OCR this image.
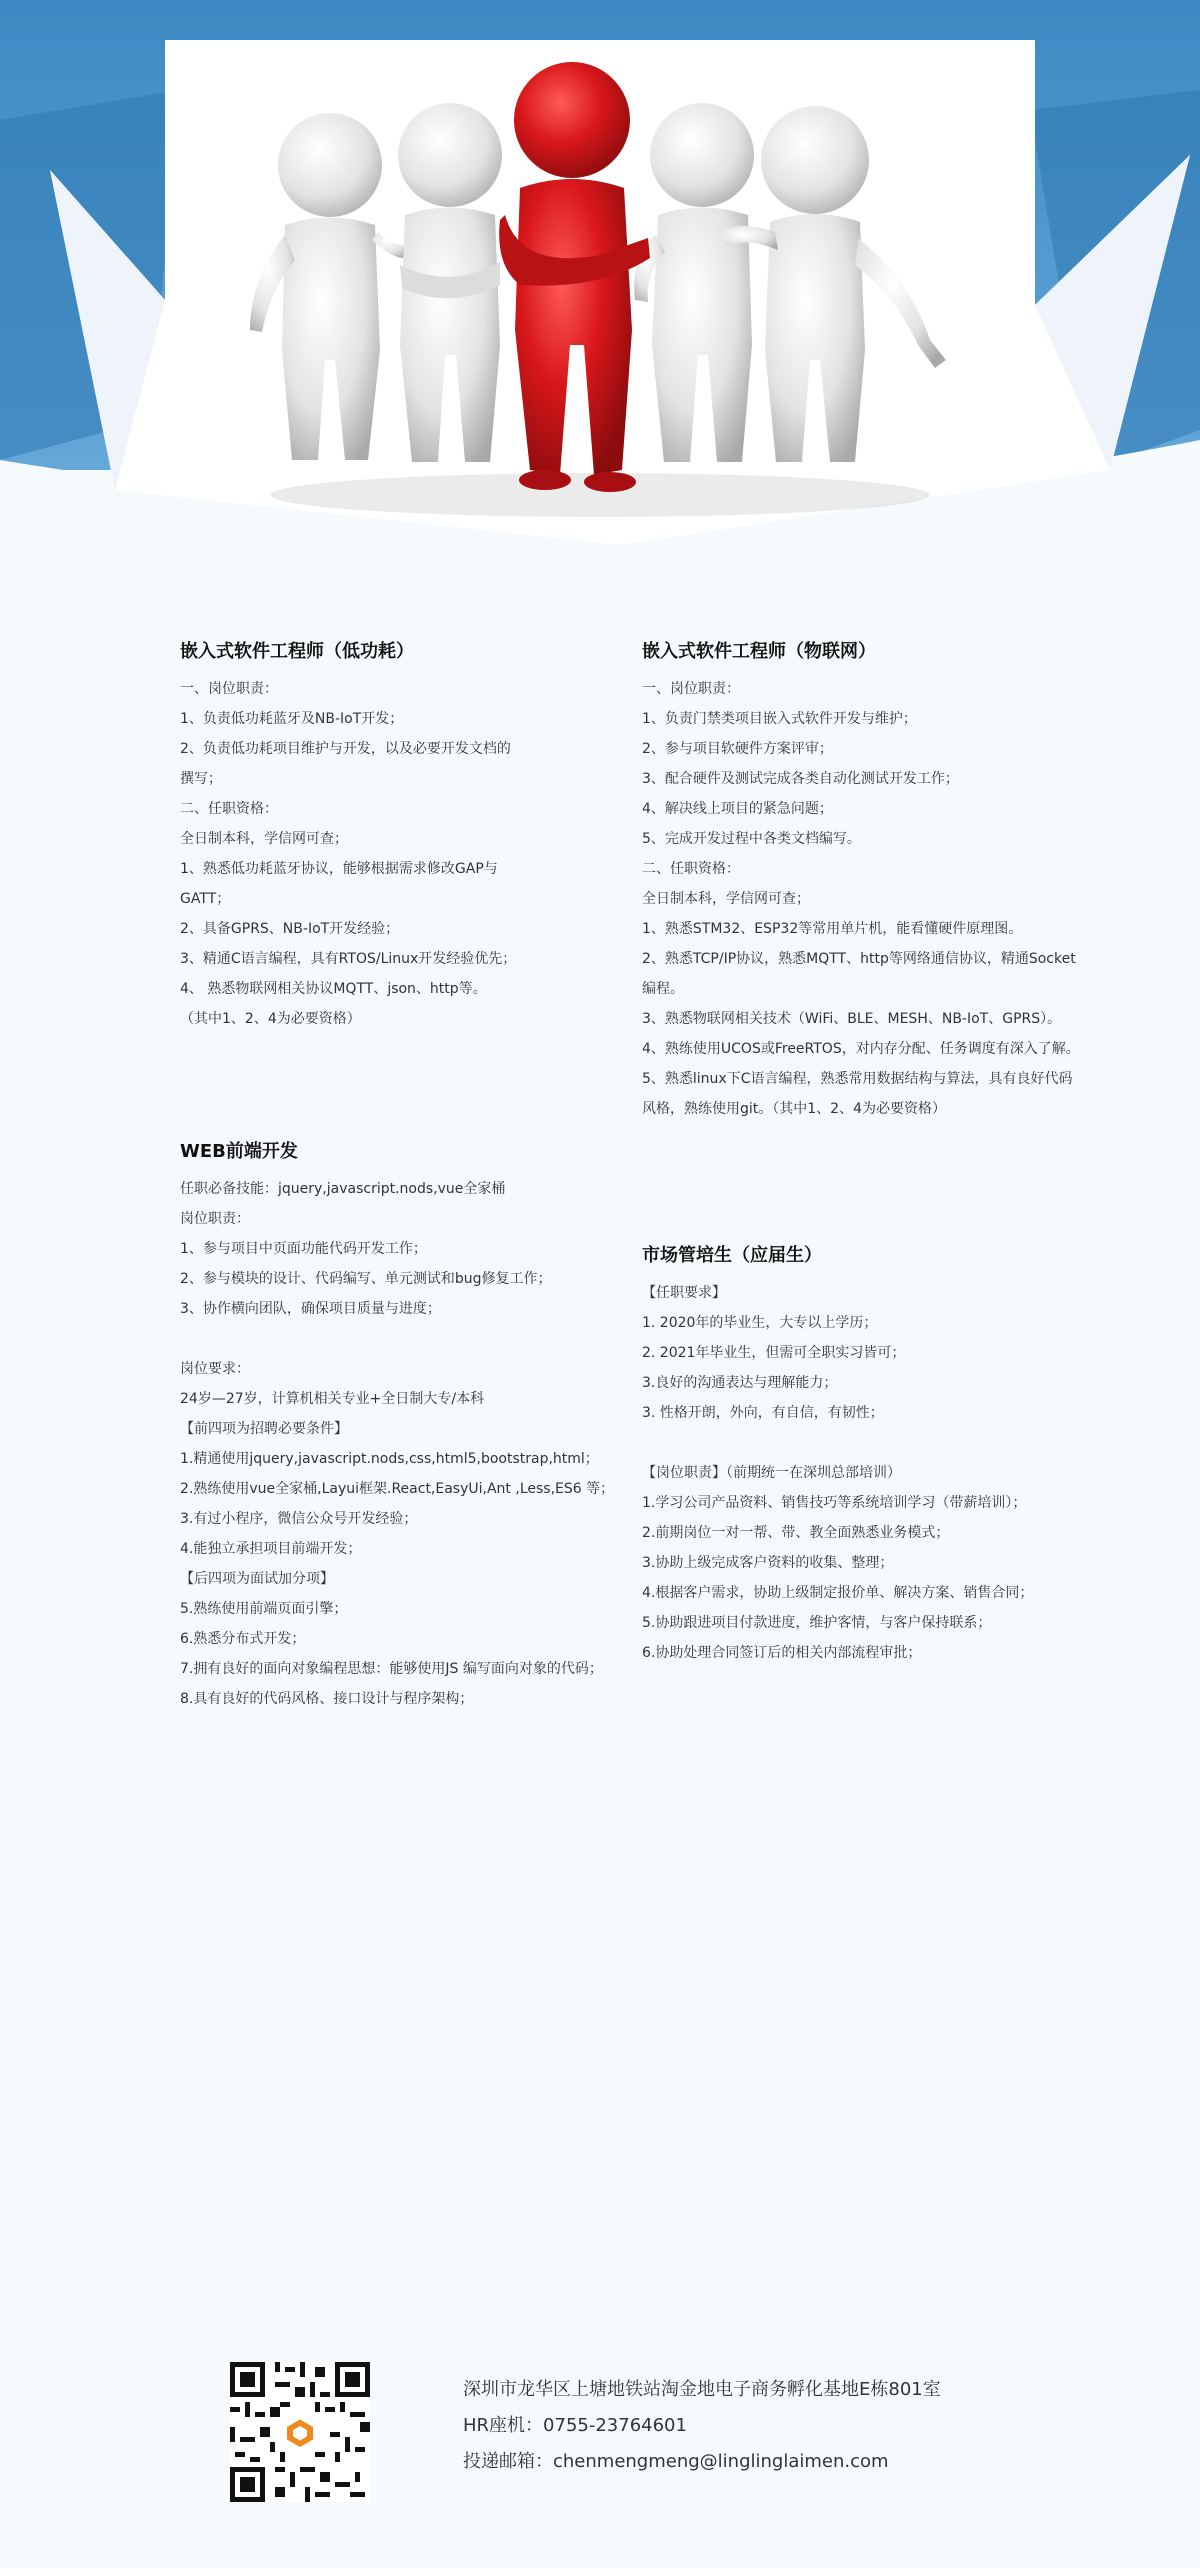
嵌入式软件工程师（低功耗）
一、岗位职责：
1、负责低功耗蓝牙及NB-IoT开发；
2、负责低功耗项目维护与开发，以及必要开发文档的
撰写；
二、任职资格：
全日制本科，学信网可查；
1、熟悉低功耗蓝牙协议，能够根据需求修改GAP与
GATT；
2、具备GPRS、NB-IoT开发经验；
3、精通C语言编程，具有RTOS/Linux开发经验优先；
4、 熟悉物联网相关协议MQTT、json、http等。
（其中1、2、4为必要资格）
嵌入式软件工程师（物联网）
一、岗位职责：
1、负责门禁类项目嵌入式软件开发与维护；
2、参与项目软硬件方案评审；
3、配合硬件及测试完成各类自动化测试开发工作；
4、解决线上项目的紧急问题；
5、完成开发过程中各类文档编写。
二、任职资格：
全日制本科，学信网可查；
1、熟悉STM32、ESP32等常用单片机，能看懂硬件原理图。
2、熟悉TCP/IP协议，熟悉MQTT、http等网络通信协议，精通Socket
编程。
3、熟悉物联网相关技术（WiFi、BLE、MESH、NB-IoT、GPRS）。
4、熟练使用UCOS或FreeRTOS，对内存分配、任务调度有深入了解。
5、熟悉linux下C语言编程，熟悉常用数据结构与算法，具有良好代码
风格，熟练使用git。（其中1、2、4为必要资格）
WEB前端开发
任职必备技能：jquery,javascript.nods,vue全家桶
岗位职责：
1、参与项目中页面功能代码开发工作；
2、参与模块的设计、代码编写、单元测试和bug修复工作；
3、协作横向团队，确保项目质量与进度；
岗位要求：
24岁—27岁，计算机相关专业+全日制大专/本科
【前四项为招聘必要条件】
1.精通使用jquery,javascript.nods,css,html5,bootstrap,html；
2.熟练使用vue全家桶,Layui框架.React,EasyUi,Ant ,Less,ES6 等；
3.有过小程序，微信公众号开发经验；
4.能独立承担项目前端开发；
【后四项为面试加分项】
5.熟练使用前端页面引擎；
6.熟悉分布式开发；
7.拥有良好的面向对象编程思想：能够使用JS 编写面向对象的代码；
8.具有良好的代码风格、接口设计与程序架构；
市场管培生（应届生）
【任职要求】
1. 2020年的毕业生，大专以上学历；
2. 2021年毕业生，但需可全职实习皆可；
3.良好的沟通表达与理解能力；
3. 性格开朗，外向，有自信，有韧性；
【岗位职责】（前期统一在深圳总部培训）
1.学习公司产品资料、销售技巧等系统培训学习（带薪培训）；
2.前期岗位一对一帮、带、教全面熟悉业务模式；
3.协助上级完成客户资料的收集、整理；
4.根据客户需求，协助上级制定报价单、解决方案、销售合同；
5.协助跟进项目付款进度，维护客情，与客户保持联系；
6.协助处理合同签订后的相关内部流程审批；
深圳市龙华区上塘地铁站淘金地电子商务孵化基地E栋801室
HR座机：0755-23764601
投递邮箱：chenmengmeng@linglinglaimen.com
